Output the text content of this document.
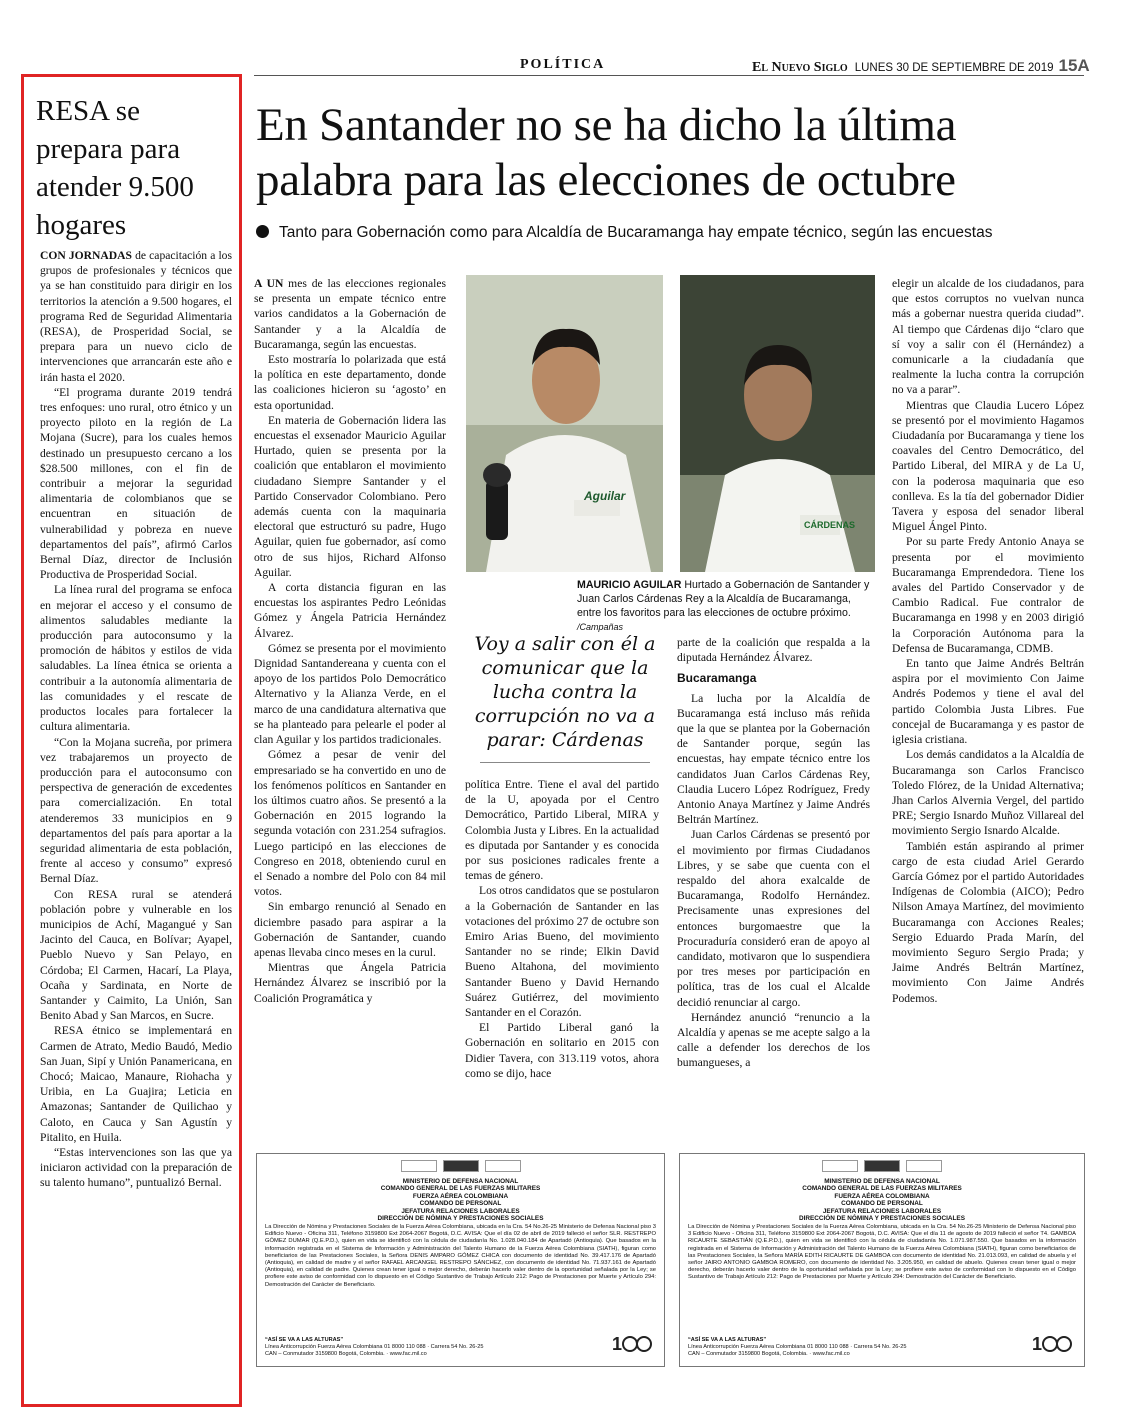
POLÍTICA	El Nuevo Siglo LUNES 30 DE SEPTIEMBRE DE 2019 15A
RESA se prepara para atender 9.500 hogares

CON JORNADAS de capacitación a los grupos de profesionales y técnicos que ya se han constituido para dirigir en los territorios la atención a 9.500 hogares, el programa Red de Seguridad Alimentaria (RESA), de Prosperidad Social, se prepara para un nuevo ciclo de intervenciones que arrancarán este año e irán hasta el 2020.

“El programa durante 2019 tendrá tres enfoques: uno rural, otro étnico y un proyecto piloto en la región de La Mojana (Sucre), para los cuales hemos destinado un presupuesto cercano a los $28.500 millones, con el fin de contribuir a mejorar la seguridad alimentaria de colombianos que se encuentran en situación de vulnerabilidad y pobreza en nueve departamentos del país”, afirmó Carlos Bernal Díaz, director de Inclusión Productiva de Prosperidad Social.

La línea rural del programa se enfoca en mejorar el acceso y el consumo de alimentos saludables mediante la producción para autoconsumo y la promoción de hábitos y estilos de vida saludables. La línea étnica se orienta a contribuir a la autonomía alimentaria de las comunidades y el rescate de productos locales para fortalecer la cultura alimentaria.

“Con la Mojana sucreña, por primera vez trabajaremos un proyecto de producción para el autoconsumo con perspectiva de generación de excedentes para comercialización. En total atenderemos 33 municipios en 9 departamentos del país para aportar a la seguridad alimentaria de esta población, frente al acceso y consumo” expresó Bernal Díaz.

Con RESA rural se atenderá población pobre y vulnerable en los municipios de Achí, Magangué y San Jacinto del Cauca, en Bolívar; Ayapel, Pueblo Nuevo y San Pelayo, en Córdoba; El Carmen, Hacarí, La Playa, Ocaña y Sardinata, en Norte de Santander y Caimito, La Unión, San Benito Abad y San Marcos, en Sucre.

RESA étnico se implementará en Carmen de Atrato, Medio Baudó, Medio San Juan, Sipí y Unión Panamericana, en Chocó; Maicao, Manaure, Riohacha y Uribia, en La Guajira; Leticia en Amazonas; Santander de Quilichao y Caloto, en Cauca y San Agustín y Pitalito, en Huila.

“Estas intervenciones son las que ya iniciaron actividad con la preparación de su talento humano”, puntualizó Bernal.

En Santander no se ha dicho la última palabra para las elecciones de octubre
Tanto para Gobernación como para Alcaldía de Bucaramanga hay empate técnico, según las encuestas

A UN mes de las elecciones regionales se presenta un empate técnico entre varios candidatos a la Gobernación de Santander y a la Alcaldía de Bucaramanga, según las encuestas.

Esto mostraría lo polarizada que está la política en este departamento, donde las coaliciones hicieron su ‘agosto’ en esta oportunidad.

En materia de Gobernación lidera las encuestas el exsenador Mauricio Aguilar Hurtado, quien se presenta por la coalición que entablaron el movimiento ciudadano Siempre Santander y el Partido Conservador Colombiano. Pero además cuenta con la maquinaria electoral que estructuró su padre, Hugo Aguilar, quien fue gobernador, así como otro de sus hijos, Richard Alfonso Aguilar.

A corta distancia figuran en las encuestas los aspirantes Pedro Leónidas Gómez y Ángela Patricia Hernández Álvarez.

Gómez se presenta por el movimiento Dignidad Santandereana y cuenta con el apoyo de los partidos Polo Democrático Alternativo y la Alianza Verde, en el marco de una candidatura alternativa que se ha planteado para pelearle el poder al clan Aguilar y los partidos tradicionales.

Gómez a pesar de venir del empresariado se ha convertido en uno de los fenómenos políticos en Santander en los últimos cuatro años. Se presentó a la Gobernación en 2015 logrando la segunda votación con 231.254 sufragios. Luego participó en las elecciones de Congreso en 2018, obteniendo curul en el Senado a nombre del Polo con 84 mil votos.

Sin embargo renunció al Senado en diciembre pasado para aspirar a la Gobernación de Santander, cuando apenas llevaba cinco meses en la curul.

Mientras que Ángela Patricia Hernández Álvarez se inscribió por la Coalición Programática y

Aguilar
CÁRDENAS
MAURICIO AGUILAR Hurtado a Gobernación de Santander y Juan Carlos Cárdenas Rey a la Alcaldía de Bucaramanga, entre los favoritos para las elecciones de octubre próximo. /Campañas
Voy a salir con él a comunicar que la lucha contra la corrupción no va a parar: Cárdenas

política Entre. Tiene el aval del partido de la U, apoyada por el Centro Democrático, Partido Liberal, MIRA y Colombia Justa y Libres. En la actualidad es diputada por Santander y es conocida por sus posiciones radicales frente a temas de género.

Los otros candidatos que se postularon a la Gobernación de Santander en las votaciones del próximo 27 de octubre son Emiro Arias Bueno, del movimiento Santander no se rinde; Elkin David Bueno Altahona, del movimiento Santander Bueno y David Hernando Suárez Gutiérrez, del movimiento Santander en el Corazón.

El Partido Liberal ganó la Gobernación en solitario en 2015 con Didier Tavera, con 313.119 votos, ahora como se dijo, hace

parte de la coalición que respalda a la diputada Hernández Álvarez.

Bucaramanga

La lucha por la Alcaldía de Bucaramanga está incluso más reñida que la que se plantea por la Gobernación de Santander porque, según las encuestas, hay empate técnico entre los candidatos Juan Carlos Cárdenas Rey, Claudia Lucero López Rodríguez, Fredy Antonio Anaya Martínez y Jaime Andrés Beltrán Martínez.

Juan Carlos Cárdenas se presentó por el movimiento por firmas Ciudadanos Libres, y se sabe que cuenta con el respaldo del ahora exalcalde de Bucaramanga, Rodolfo Hernández. Precisamente unas expresiones del entonces burgomaestre que la Procuraduría consideró eran de apoyo al candidato, motivaron que lo suspendiera por tres meses por participación en política, tras de los cual el Alcalde decidió renunciar al cargo.

Hernández anunció “renuncio a la Alcaldía y apenas se me acepte salgo a la calle a defender los derechos de los bumangueses, a

elegir un alcalde de los ciudadanos, para que estos corruptos no vuelvan nunca más a gobernar nuestra querida ciudad”. Al tiempo que Cárdenas dijo “claro que sí voy a salir con él (Hernández) a comunicarle a la ciudadanía que realmente la lucha contra la corrupción no va a parar”.

Mientras que Claudia Lucero López se presentó por el movimiento Hagamos Ciudadanía por Bucaramanga y tiene los coavales del Centro Democrático, del Partido Liberal, del MIRA y de La U, con la poderosa maquinaria que eso conlleva. Es la tía del gobernador Didier Tavera y esposa del senador liberal Miguel Ángel Pinto.

Por su parte Fredy Antonio Anaya se presenta por el movimiento Bucaramanga Emprendedora. Tiene los avales del Partido Conservador y de Cambio Radical. Fue contralor de Bucaramanga en 1998 y en 2003 dirigió la Corporación Autónoma para la Defensa de Bucaramanga, CDMB.

En tanto que Jaime Andrés Beltrán aspira por el movimiento Con Jaime Andrés Podemos y tiene el aval del partido Colombia Justa Libres. Fue concejal de Bucaramanga y es pastor de iglesia cristiana.

Los demás candidatos a la Alcaldía de Bucaramanga son Carlos Francisco Toledo Flórez, de la Unidad Alternativa; Jhan Carlos Alvernia Vergel, del partido PRE; Sergio Isnardo Muñoz Villareal del movimiento Sergio Isnardo Alcalde.

También están aspirando al primer cargo de esta ciudad Ariel Gerardo García Gómez por el partido Autoridades Indígenas de Colombia (AICO); Pedro Nilson Amaya Martínez, del movimiento Bucaramanga con Acciones Reales; Sergio Eduardo Prada Marín, del movimiento Seguro Sergio Prada; y Jaime Andrés Beltrán Martínez, movimiento Con Jaime Andrés Podemos.

MINISTERIO DE DEFENSA NACIONAL
COMANDO GENERAL DE LAS FUERZAS MILITARES
FUERZA AÉREA COLOMBIANA
COMANDO DE PERSONAL
JEFATURA RELACIONES LABORALES
DIRECCIÓN DE NÓMINA Y PRESTACIONES SOCIALES
La Dirección de Nómina y Prestaciones Sociales de la Fuerza Aérea Colombiana, ubicada en la Cra. 54 No.26-25 Ministerio de Defensa Nacional piso 3 Edificio Nuevo - Oficina 311, Teléfono 3159800 Ext 2064-2067 Bogotá, D.C. AVISA: Que el día 02 de abril de 2019 falleció el señor SLR. RESTREPO GÓMEZ DUMAR (Q.E.P.D.), quien en vida se identificó con la cédula de ciudadanía No. 1.028.040.184 de Apartadó (Antioquia). Que basados en la información registrada en el Sistema de Información y Administración del Talento Humano de la Fuerza Aérea Colombiana (SIATH), figuran como beneficiarios de las Prestaciones Sociales, la Señora DENIS AMPARO GÓMEZ CHICA con documento de identidad No. 39.417.176 de Apartadó (Antioquia), en calidad de madre y el señor RAFAEL ARCANGEL RESTREPO SÁNCHEZ, con documento de identidad No. 71.937.161 de Apartadó (Antioquia), en calidad de padre. Quienes crean tener igual o mejor derecho, deberán hacerlo valer dentro de la oportunidad señalada por la Ley; se profiere este aviso de conformidad con lo dispuesto en el Código Sustantivo de Trabajo Artículo 212: Pago de Prestaciones por Muerte y Artículo 294: Demostración del Carácter de Beneficiario.
“ASÍ SE VA A LAS ALTURAS”
Línea Anticorrupción Fuerza Aérea Colombiana 01 8000 110 088 · Carrera 54 No. 26-25 CAN – Conmutador 3159800 Bogotá, Colombia. · www.fac.mil.co	1
MINISTERIO DE DEFENSA NACIONAL
COMANDO GENERAL DE LAS FUERZAS MILITARES
FUERZA AÉREA COLOMBIANA
COMANDO DE PERSONAL
JEFATURA RELACIONES LABORALES
DIRECCIÓN DE NÓMINA Y PRESTACIONES SOCIALES
La Dirección de Nómina y Prestaciones Sociales de la Fuerza Aérea Colombiana, ubicada en la Cra. 54 No.26-25 Ministerio de Defensa Nacional piso 3 Edificio Nuevo - Oficina 311, Teléfono 3159800 Ext 2064-2067 Bogotá, D.C. AVISA: Que el día 11 de agosto de 2019 falleció el señor T4. GAMBOA RICAURTE SEBASTIÁN (Q.E.P.D.), quien en vida se identificó con la cédula de ciudadanía No. 1.071.987.550. Que basados en la información registrada en el Sistema de Información y Administración del Talento Humano de la Fuerza Aérea Colombiana (SIATH), figuran como beneficiarios de las Prestaciones Sociales, la Señora MARÍA EDITH RICAURTE DE GAMBOA con documento de identidad No. 21.013.093, en calidad de abuela y el señor JAIRO ANTONIO GAMBOA ROMERO, con documento de identidad No. 3.205.950, en calidad de abuelo. Quienes crean tener igual o mejor derecho, deberán hacerlo valer dentro de la oportunidad señalada por la Ley; se profiere este aviso de conformidad con lo dispuesto en el Código Sustantivo de Trabajo Artículo 212: Pago de Prestaciones por Muerte y Artículo 294: Demostración del Carácter de Beneficiario.
“ASÍ SE VA A LAS ALTURAS”
Línea Anticorrupción Fuerza Aérea Colombiana 01 8000 110 088 · Carrera 54 No. 26-25 CAN – Conmutador 3159800 Bogotá, Colombia. · www.fac.mil.co	1
